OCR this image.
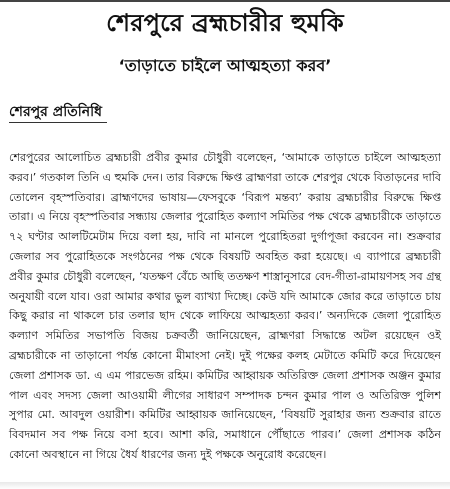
শেরপুরে ব্রহ্মচারীর হুমকি
‘তাড়াতে চাইলে আত্মহত্যা করব’
শেরপুর প্রতিনিধি

শেরপুরের আলোচিত ব্রহ্মচারী প্রবীর কুমার চৌধুরী বলেছেন, ‘আমাকে তাড়াতে চাইলে আত্মহত্যা করব।’ গতকাল তিনি এ হুমকি দেন। তার বিরুদ্ধে ক্ষিপ্ত ব্রাহ্মণরা তাকে শেরপুর থেকে বিতাড়নের দাবি তোলেন বৃহস্পতিবার। ব্রাহ্মণদের ভাষায়—ফেসবুকে ‘বিরূপ মন্তব্য’ করায় ব্রহ্মচারীর বিরুদ্ধে ক্ষিপ্ত তারা। এ নিয়ে বৃহস্পতিবার সন্ধ্যায় জেলার পুরোহিত কল্যাণ সমিতির পক্ষ থেকে ব্রহ্মচারীকে তাড়াতে ৭২ ঘণ্টার আলটিমেটাম দিয়ে বলা হয়, দাবি না মানলে পুরোহিতরা দুর্গাপূজা করবেন না। শুক্রবার জেলার সব পুরোহিতকে সংগঠনের পক্ষ থেকে বিষয়টি অবহিত করা হয়েছে। এ ব্যাপারে ব্রহ্মচারী প্রবীর কুমার চৌধুরী বলেছেন, ‘যতক্ষণ বেঁচে আছি ততক্ষণ শাস্ত্রানুসারে বেদ-গীতা-রামায়ণসহ সব গ্রন্থ অনুযায়ী বলে যাব। ওরা আমার কথার ভুল ব্যাখ্যা দিচ্ছে। কেউ যদি আমাকে জোর করে তাড়াতে চায় কিছু করার না থাকলে চার তলার ছাদ থেকে লাফিয়ে আত্মহত্যা করব।’ অন্যদিকে জেলা পুরোহিত কল্যাণ সমিতির সভাপতি বিজয় চক্রবর্তী জানিয়েছেন, ব্রাহ্মণরা সিদ্ধান্তে অটল রয়েছেন ওই ব্রহ্মচারীকে না তাড়ানো পর্যন্ত কোনো মীমাংসা নেই। দুই পক্ষের কলহ মেটাতে কমিটি করে দিয়েছেন জেলা প্রশাসক ডা. এ এম পারভেজ রহিম। কমিটির আহ্বায়ক অতিরিক্ত জেলা প্রশাসক অঞ্জন কুমার পাল এবং সদস্য জেলা আওয়ামী লীগের সাধারণ সম্পাদক চন্দন কুমার পাল ও অতিরিক্ত পুলিশ সুপার মো. আবদুল ওয়ারীশ। কমিটির আহ্বায়ক জানিয়েছেন, ‘বিষয়টি সুরাহার জন্য শুক্রবার রাতে বিবদমান সব পক্ষ নিয়ে বসা হবে। আশা করি, সমাধানে পৌঁছাতে পারব।’ জেলা প্রশাসক কঠিন কোনো অবস্থানে না গিয়ে ধৈর্য ধারণের জন্য দুই পক্ষকে অনুরোধ করেছেন।
